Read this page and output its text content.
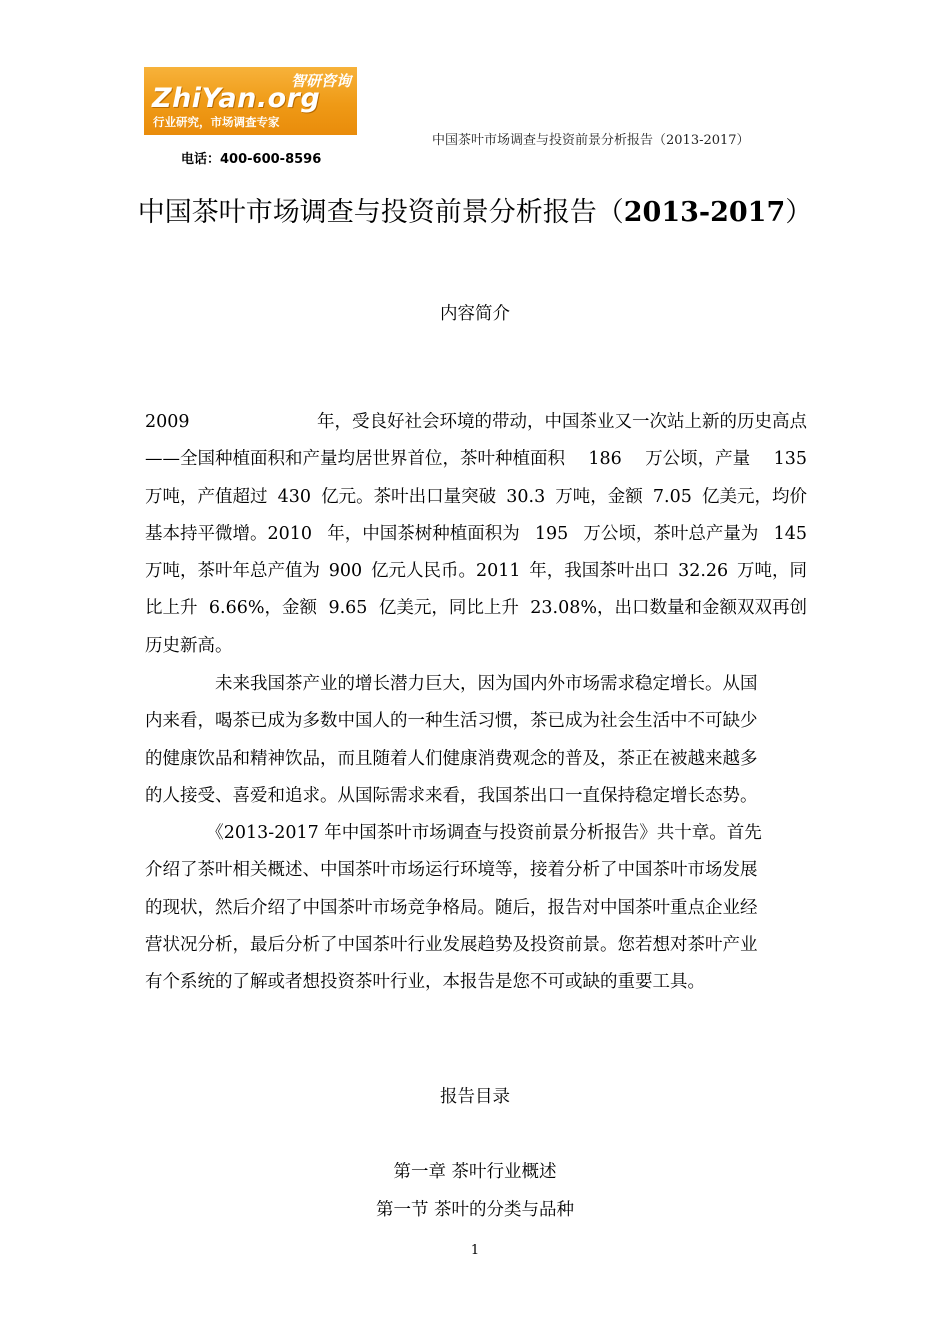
智研咨询
ZhiYan.org
行业研究，市场调查专家
电话：400-600-8596
中国茶叶市场调查与投资前景分析报告（2013-2017）
中国茶叶市场调查与投资前景分析报告（2013-2017）
内容简介
2009	年，受良好社会环境的带动，中国茶业又一次站上新的历史高点
——全国种植面积和产量均居世界首位，茶叶种植面积 186 万公顷，产量 135
万吨，产值超过 430 亿元。茶叶出口量突破 30.3 万吨，金额 7.05 亿美元，均价
基本持平微增。2010 年，中国茶树种植面积为 195 万公顷，茶叶总产量为 145
万吨，茶叶年总产值为 900 亿元人民币。2011 年，我国茶叶出口 32.26 万吨，同
比上升 6.66%，金额 9.65 亿美元，同比上升 23.08%，出口数量和金额双双再创
历史新高。
　　　　未来我国茶产业的增长潜力巨大，因为国内外市场需求稳定增长。从国
内来看，喝茶已成为多数中国人的一种生活习惯，茶已成为社会生活中不可缺少
的健康饮品和精神饮品，而且随着人们健康消费观念的普及，茶正在被越来越多
的人接受、喜爱和追求。从国际需求来看，我国茶出口一直保持稳定增长态势。
　　　　《2013-2017 年中国茶叶市场调查与投资前景分析报告》共十章。首先
介绍了茶叶相关概述、中国茶叶市场运行环境等，接着分析了中国茶叶市场发展
的现状，然后介绍了中国茶叶市场竞争格局。随后，报告对中国茶叶重点企业经
营状况分析，最后分析了中国茶叶行业发展趋势及投资前景。您若想对茶叶产业
有个系统的了解或者想投资茶叶行业，本报告是您不可或缺的重要工具。
报告目录
第一章 茶叶行业概述
第一节 茶叶的分类与品种
1
